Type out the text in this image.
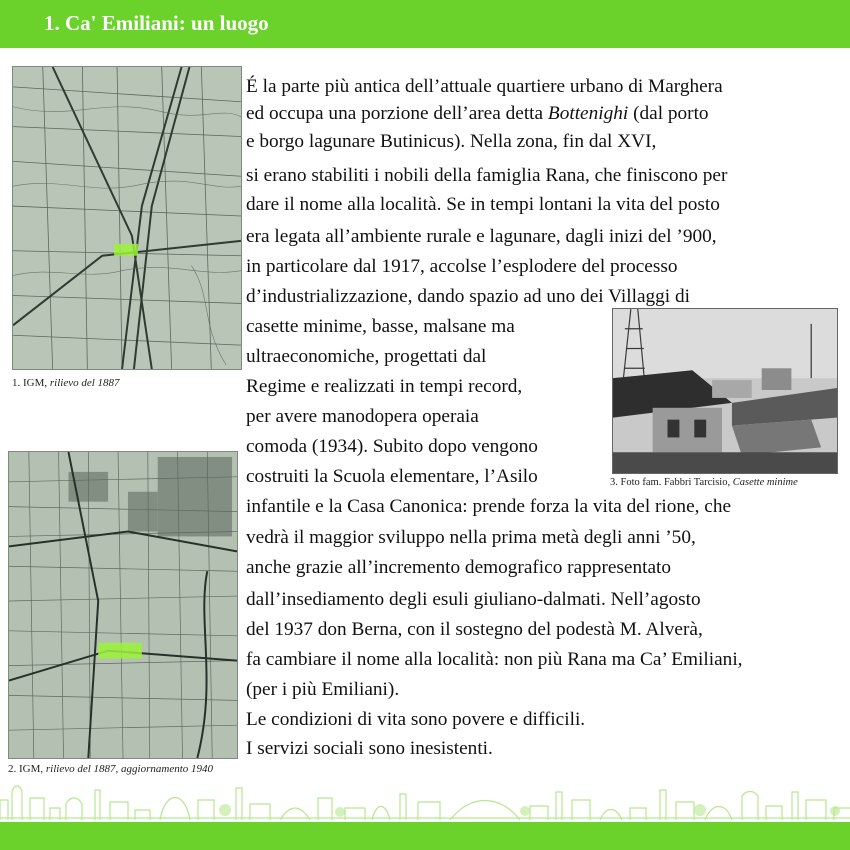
1. Ca' Emiliani: un luogo
1. IGM, rilievo del 1887
2. IGM, rilievo del 1887, aggiornamento 1940
3. Foto fam. Fabbri Tarcisio, Casette minime
É la parte più antica dell’attuale quartiere urbano di Marghera
ed occupa una porzione dell’area detta Bottenighi (dal porto
e borgo lagunare Butinicus). Nella zona, fin dal XVI,
si erano stabiliti i nobili della famiglia Rana, che finiscono per
dare il nome alla località. Se in tempi lontani la vita del posto
era legata all’ambiente rurale e lagunare, dagli inizi del ’900,
in particolare dal 1917, accolse l’esplodere del processo
d’industrializzazione, dando spazio ad uno dei Villaggi di
casette minime, basse, malsane ma
ultraeconomiche, progettati dal
Regime e realizzati in tempi record,
per avere manodopera operaia
comoda (1934). Subito dopo vengono
costruiti la Scuola elementare, l’Asilo
infantile e la Casa Canonica: prende forza la vita del rione, che
vedrà il maggior sviluppo nella prima metà degli anni ’50,
anche grazie all’incremento demografico rappresentato
dall’insediamento degli esuli giuliano-dalmati. Nell’agosto
del 1937 don Berna, con il sostegno del podestà M. Alverà,
fa cambiare il nome alla località: non più Rana ma Ca’ Emiliani,
(per i più Emiliani).
Le condizioni di vita sono povere e difficili.
I servizi sociali sono inesistenti.
